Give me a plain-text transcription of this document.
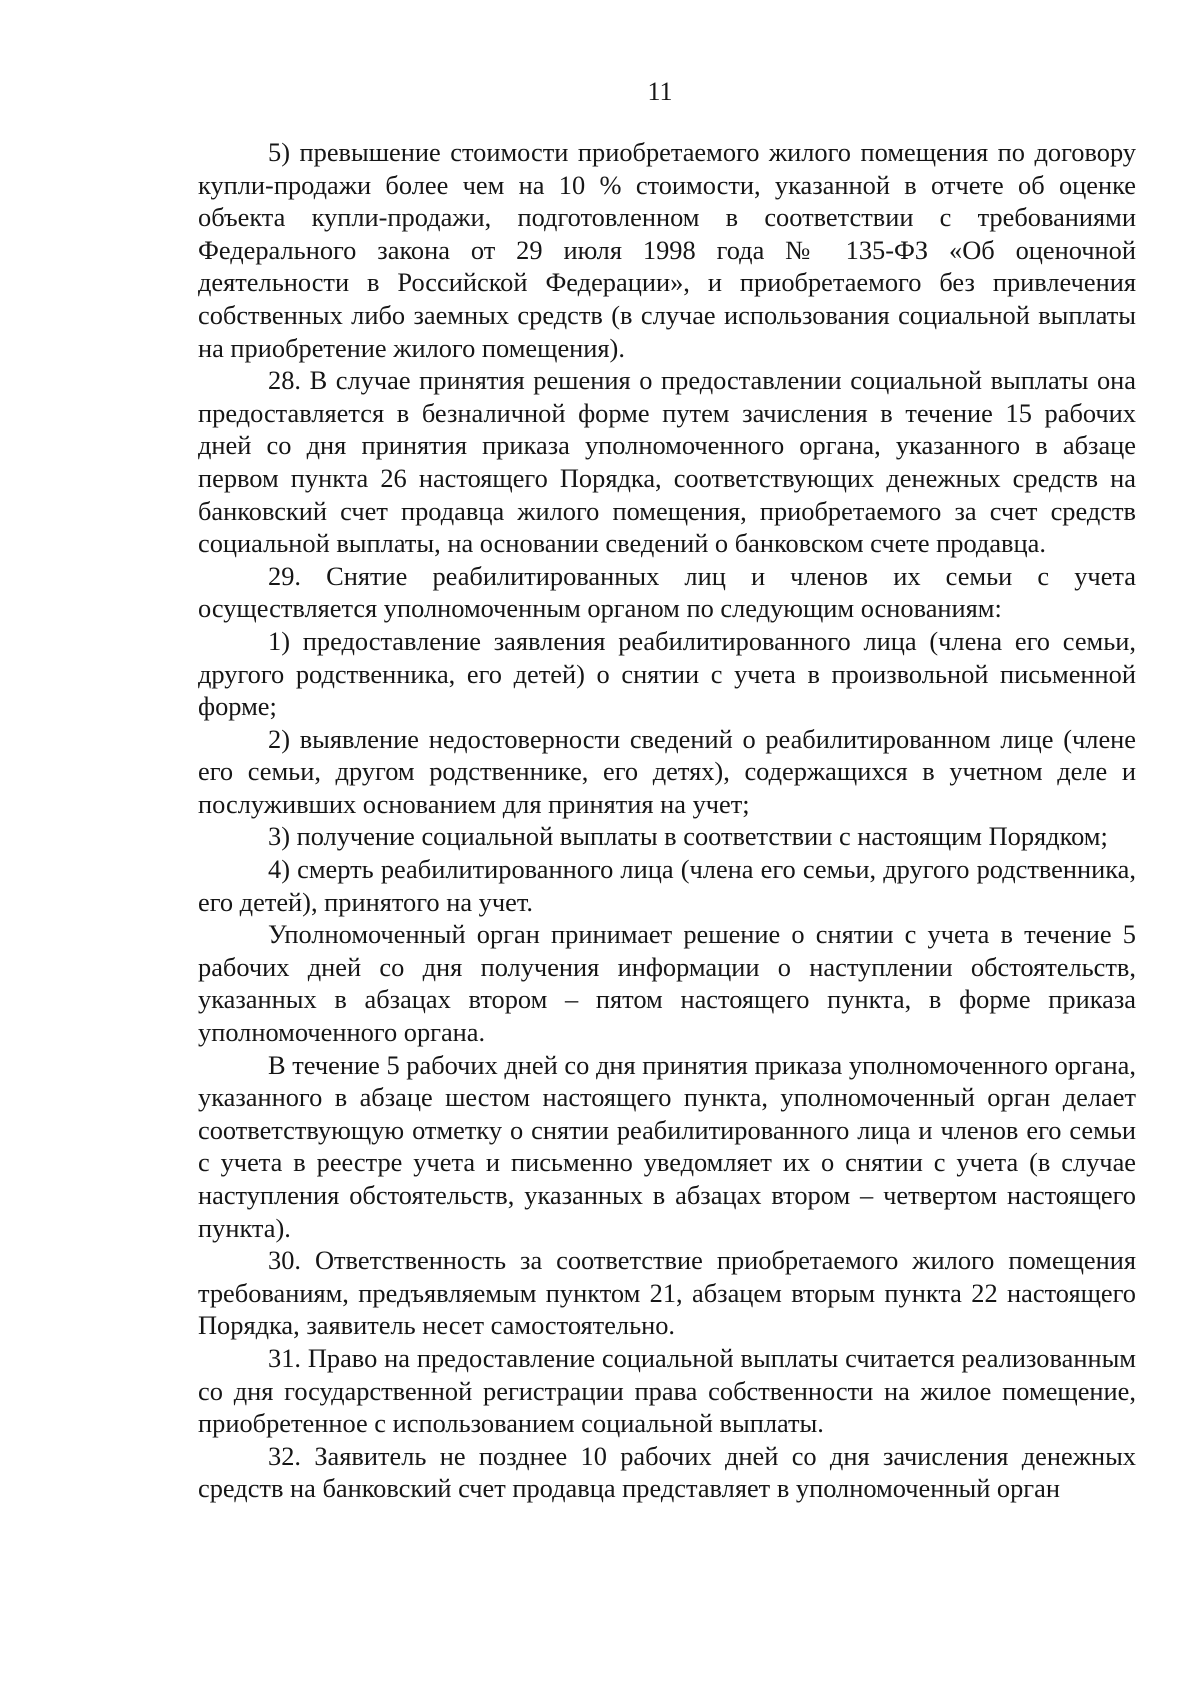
11

5) превышение стоимости приобретаемого жилого помещения по договору купли-продажи более чем на 10 % стоимости, указанной в отчете об оценке объекта купли-продажи, подготовленном в соответствии с требованиями Федерального закона от 29 июля 1998 года № 135-ФЗ «Об оценочной деятельности в Российской Федерации», и приобретаемого без привлечения собственных либо заемных средств (в случае использования социальной выплаты на приобретение жилого помещения).

28. В случае принятия решения о предоставлении социальной выплаты она предоставляется в безналичной форме путем зачисления в течение 15 рабочих дней со дня принятия приказа уполномоченного органа, указанного в абзаце первом пункта 26 настоящего Порядка, соответствующих денежных средств на банковский счет продавца жилого помещения, приобретаемого за счет средств социальной выплаты, на основании сведений о банковском счете продавца.

29. Снятие реабилитированных лиц и членов их семьи с учета осуществляется уполномоченным органом по следующим основаниям:

1) предоставление заявления реабилитированного лица (члена его семьи, другого родственника, его детей) о снятии с учета в произвольной письменной форме;

2) выявление недостоверности сведений о реабилитированном лице (члене его семьи, другом родственнике, его детях), содержащихся в учетном деле и послуживших основанием для принятия на учет;

3) получение социальной выплаты в соответствии с настоящим Порядком;

4) смерть реабилитированного лица (члена его семьи, другого родственника, его детей), принятого на учет.

Уполномоченный орган принимает решение о снятии с учета в течение 5 рабочих дней со дня получения информации о наступлении обстоятельств, указанных в абзацах втором – пятом настоящего пункта, в форме приказа уполномоченного органа.

В течение 5 рабочих дней со дня принятия приказа уполномоченного органа, указанного в абзаце шестом настоящего пункта, уполномоченный орган делает соответствующую отметку о снятии реабилитированного лица и членов его семьи с учета в реестре учета и письменно уведомляет их о снятии с учета (в случае наступления обстоятельств, указанных в абзацах втором – четвертом настоящего пункта).

30. Ответственность за соответствие приобретаемого жилого помещения требованиям, предъявляемым пунктом 21, абзацем вторым пункта 22 настоящего Порядка, заявитель несет самостоятельно.

31. Право на предоставление социальной выплаты считается реализованным со дня государственной регистрации права собственности на жилое помещение, приобретенное с использованием социальной выплаты.

32. Заявитель не позднее 10 рабочих дней со дня зачисления денежных средств на банковский счет продавца представляет в уполномоченный орган
